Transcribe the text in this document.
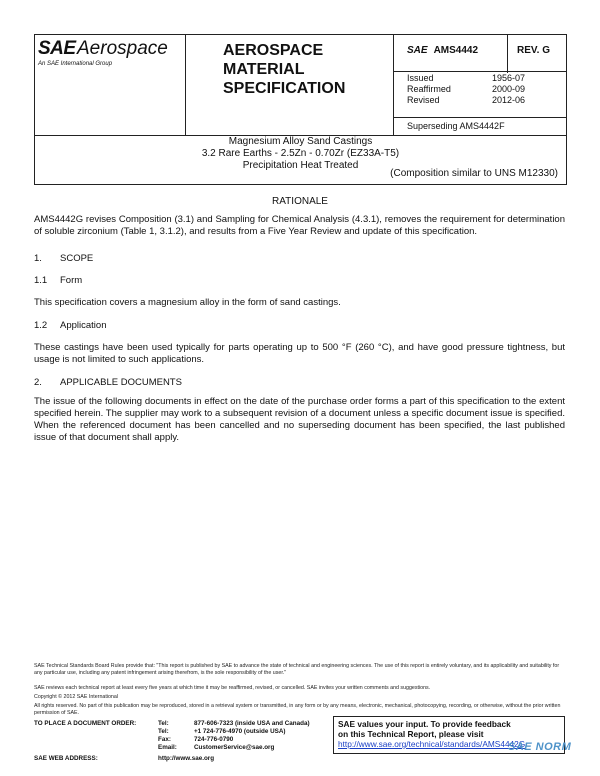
SAE Aerospace
An SAE International Group
AEROSPACE
MATERIAL
SPECIFICATION
SAE AMS4442	REV. G
Issued	1956-07
Reaffirmed	2000-09
Revised	2012-06
Superseding AMS4442F
Magnesium Alloy Sand Castings
3.2 Rare Earths - 2.5Zn - 0.70Zr (EZ33A-T5)
Precipitation Heat Treated
(Composition similar to UNS M12330)
RATIONALE
AMS4442G revises Composition (3.1) and Sampling for Chemical Analysis (4.3.1), removes the requirement for determination of soluble zirconium (Table 1, 3.1.2), and results from a Five Year Review and update of this specification.
1. SCOPE
1.1 Form
This specification covers a magnesium alloy in the form of sand castings.
1.2 Application
These castings have been used typically for parts operating up to 500 °F (260 °C), and have good pressure tightness, but usage is not limited to such applications.
2. APPLICABLE DOCUMENTS
The issue of the following documents in effect on the date of the purchase order forms a part of this specification to the extent specified herein. The supplier may work to a subsequent revision of a document unless a specific document issue is specified. When the referenced document has been cancelled and no superseding document has been specified, the last published issue of that document shall apply.
SAE Technical Standards Board Rules provide that: "This report is published by SAE to advance the state of technical and engineering sciences. The use of this report is entirely voluntary, and its applicability and suitability for any particular use, including any patent infringement arising therefrom, is the sole responsibility of the user."
SAE reviews each technical report at least every five years at which time it may be reaffirmed, revised, or cancelled. SAE invites your written comments and suggestions.
Copyright © 2012 SAE International
All rights reserved. No part of this publication may be reproduced, stored in a retrieval system or transmitted, in any form or by any means, electronic, mechanical, photocopying, recording, or otherwise, without the prior written permission of SAE.
TO PLACE A DOCUMENT ORDER:	Tel:	877-606-7323 (inside USA and Canada)
Tel:	+1 724-776-4970 (outside USA)
Fax:	724-776-0790
Email:	CustomerService@sae.org
SAE WEB ADDRESS:	http://www.sae.org
SAE values your input. To provide feedback
on this Technical Report, please visit
http://www.sae.org/technical/standards/AMS4442G
SAE NORM
